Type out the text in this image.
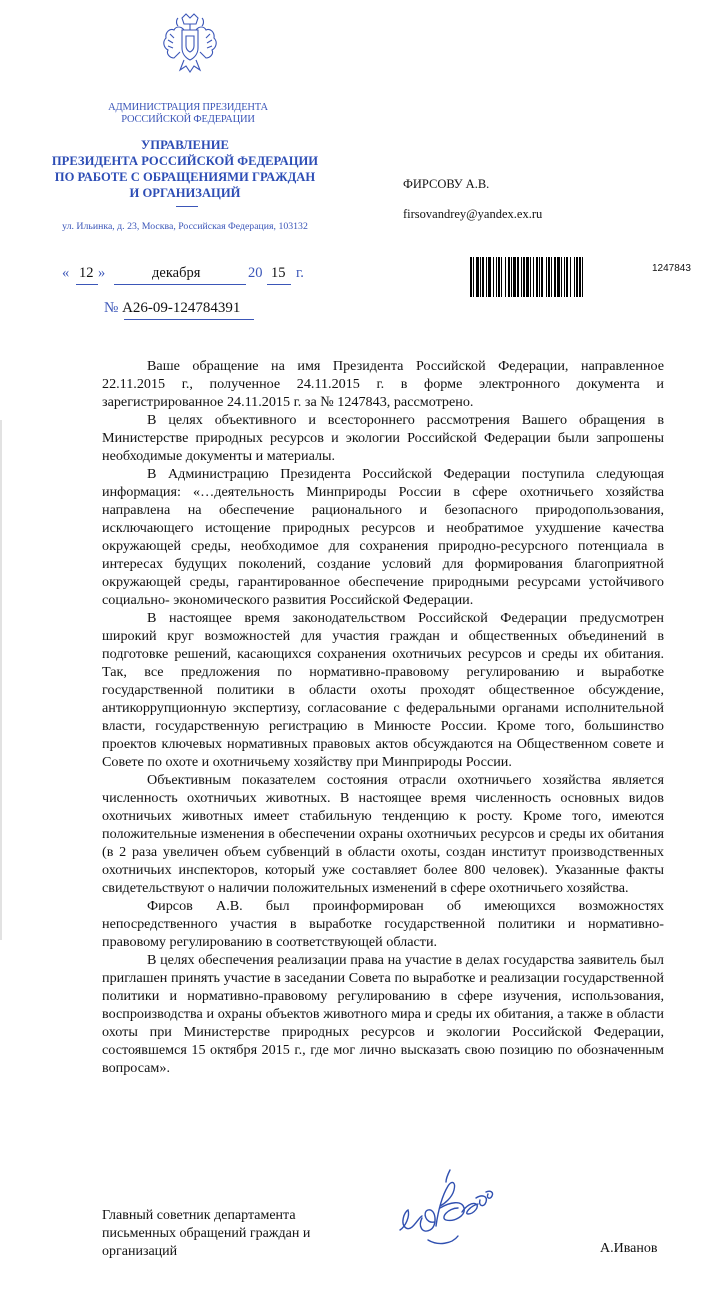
АДМИНИСТРАЦИЯ ПРЕЗИДЕНТА
РОССИЙСКОЙ ФЕДЕРАЦИИ
УПРАВЛЕНИЕ
ПРЕЗИДЕНТА РОССИЙСКОЙ ФЕДЕРАЦИИ
ПО РАБОТЕ С ОБРАЩЕНИЯМИ ГРАЖДАН
И ОРГАНИЗАЦИЙ
ул. Ильинка, д. 23, Москва, Российская Федерация, 103132
« 12 »	декабря	20 15 г.
№ А26-09-124784391
ФИРСОВУ А.В.
firsovandrey@yandex.ex.ru
1247843

Ваше обращение на имя Президента Российской Федерации, направленное 22.11.2015 г., полученное 24.11.2015 г. в форме электронного документа и зарегистрированное 24.11.2015 г. за № 1247843, рассмотрено.

В целях объективного и всестороннего рассмотрения Вашего обращения в Министерстве природных ресурсов и экологии Российской Федерации были запрошены необходимые документы и материалы.

В Администрацию Президента Российской Федерации поступила следующая информация: «…деятельность Минприроды России в сфере охотничьего хозяйства направлена на обеспечение рационального и безопасного природопользования, исключающего истощение природных ресурсов и необратимое ухудшение качества окружающей среды, необходимое для сохранения природно-ресурсного потенциала в интересах будущих поколений, создание условий для формирования благоприятной окружающей среды, гарантированное обеспечение природными ресурсами устойчивого социально- экономического развития Российской Федерации.

В настоящее время законодательством Российской Федерации предусмотрен широкий круг возможностей для участия граждан и общественных объединений в подготовке решений, касающихся сохранения охотничьих ресурсов и среды их обитания. Так, все предложения по нормативно-правовому регулированию и выработке государственной политики в области охоты проходят общественное обсуждение, антикоррупционную экспертизу, согласование с федеральными органами исполнительной власти, государственную регистрацию в Минюсте России. Кроме того, большинство проектов ключевых нормативных правовых актов обсуждаются на Общественном совете и Совете по охоте и охотничьему хозяйству при Минприроды России.

Объективным показателем состояния отрасли охотничьего хозяйства является численность охотничьих животных. В настоящее время численность основных видов охотничьих животных имеет стабильную тенденцию к росту. Кроме того, имеются положительные изменения в обеспечении охраны охотничьих ресурсов и среды их обитания (в 2 раза увеличен объем субвенций в области охоты, создан институт производственных охотничьих инспекторов, который уже составляет более 800 человек). Указанные факты свидетельствуют о наличии положительных изменений в сфере охотничьего хозяйства.

Фирсов А.В. был проинформирован об имеющихся возможностях непосредственного участия в выработке государственной политики и нормативно-правовому регулированию в соответствующей области.

В целях обеспечения реализации права на участие в делах государства заявитель был приглашен принять участие в заседании Совета по выработке и реализации государственной политики и нормативно-правовому регулированию в сфере изучения, использования, воспроизводства и охраны объектов животного мира и среды их обитания, а также в области охоты при Министерстве природных ресурсов и экологии Российской Федерации, состоявшемся 15 октября 2015 г., где мог лично высказать свою позицию по обозначенным вопросам».

Главный советник департамента
письменных обращений граждан и
организаций	А.Иванов
